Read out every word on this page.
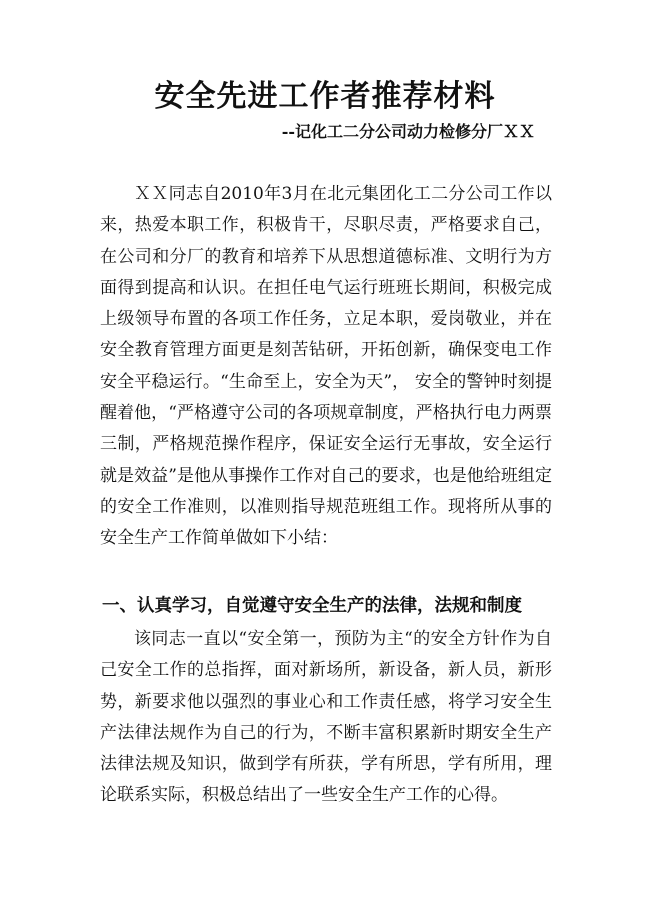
安全先进工作者推荐材料
--记化工二分公司动力检修分厂ＸＸ

ＸＸ同志自2010年3月在北元集团化工二分公司工作以来，热爱本职工作，积极肯干，尽职尽责，严格要求自己，在公司和分厂的教育和培养下从思想道德标准、文明行为方面得到提高和认识。在担任电气运行班班长期间，积极完成上级领导布置的各项工作任务，立足本职，爱岗敬业，并在安全教育管理方面更是刻苦钻研，开拓创新，确保变电工作安全平稳运行。“生命至上，安全为天”， 安全的警钟时刻提醒着他，“严格遵守公司的各项规章制度，严格执行电力两票三制，严格规范操作程序，保证安全运行无事故，安全运行就是效益”是他从事操作工作对自己的要求，也是他给班组定的安全工作准则，以准则指导规范班组工作。现将所从事的安全生产工作简单做如下小结：

一、认真学习，自觉遵守安全生产的法律，法规和制度

该同志一直以“安全第一，预防为主“的安全方针作为自己安全工作的总指挥，面对新场所，新设备，新人员，新形势，新要求他以强烈的事业心和工作责任感，将学习安全生产法律法规作为自己的行为，不断丰富积累新时期安全生产法律法规及知识，做到学有所获，学有所思，学有所用，理论联系实际，积极总结出了一些安全生产工作的心得。
